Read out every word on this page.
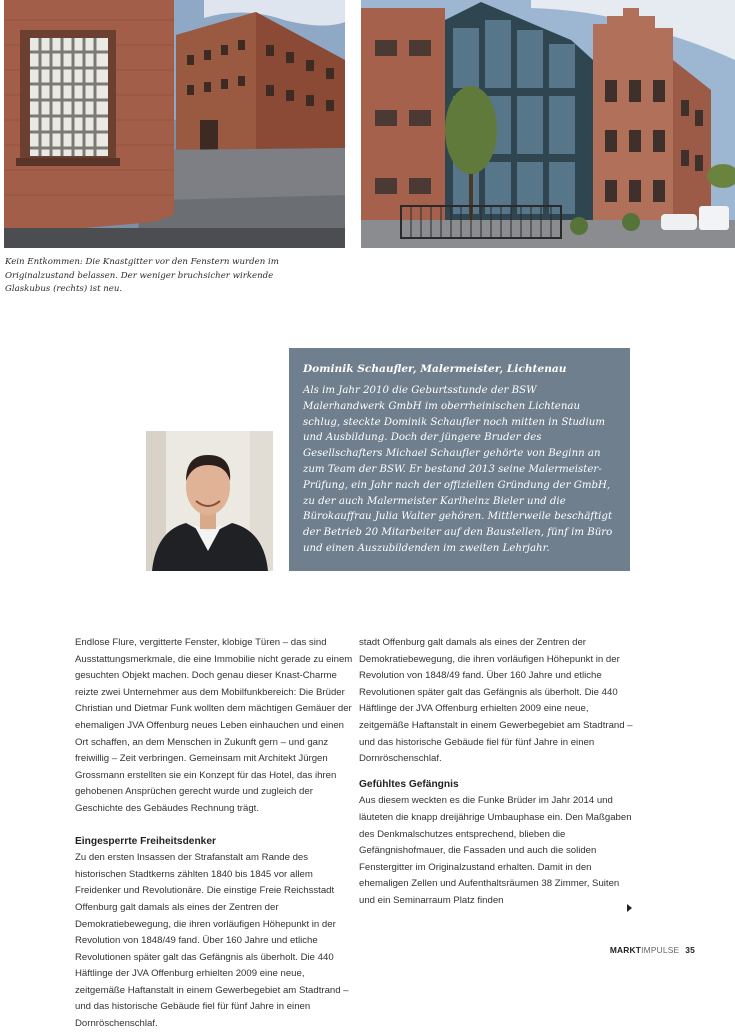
Kein Entkommen: Die Knastgitter vor den Fenstern wurden im Originalzustand belassen. Der weniger bruchsicher wirkende Glaskubus (rechts) ist neu.

Dominik Schaufler, Malermeister, Lichtenau

Als im Jahr 2010 die Geburtsstunde der BSW Malerhandwerk GmbH im oberrheinischen Lichtenau schlug, steckte Dominik Schaufler noch mitten in Studium und Ausbildung. Doch der jüngere Bruder des Gesellschafters Michael Schaufler gehörte von Beginn an zum Team der BSW. Er bestand 2013 seine Malermeister-Prüfung, ein Jahr nach der offiziellen Gründung der GmbH, zu der auch Malermeister Karlheinz Bieler und die Bürokauffrau Julia Walter gehören. Mittlerweile beschäftigt der Betrieb 20 Mitarbeiter auf den Baustellen, fünf im Büro und einen Auszubildenden im zweiten Lehrjahr.

Endlose Flure, vergitterte Fenster, klobige Türen – das sind Ausstattungsmerkmale, die eine Immobilie nicht gerade zu einem gesuchten Objekt machen. Doch genau dieser Knast-Charme reizte zwei Unternehmer aus dem Mobilfunkbereich: Die Brüder Christian und Dietmar Funk wollten dem mächtigen Gemäuer der ehemaligen JVA Offenburg neues Leben einhauchen und einen Ort schaffen, an dem Menschen in Zukunft gern – und ganz freiwillig – Zeit verbringen. Gemeinsam mit Architekt Jürgen Grossmann erstellten sie ein Konzept für das Hotel, das ihren gehobenen Ansprüchen gerecht wurde und zugleich der Geschichte des Gebäudes Rechnung trägt.

Eingesperrte Freiheitsdenker

Zu den ersten Insassen der Strafanstalt am Rande des historischen Stadtkerns zählten 1840 bis 1845 vor allem Freidenker und Revolutionäre. Die einstige Freie Reichsstadt Offenburg galt damals als eines der Zentren der Demokratiebewegung, die ihren vorläufigen Höhepunkt in der Revolution von 1848/49 fand. Über 160 Jahre und etliche Revolutionen später galt das Gefängnis als überholt. Die 440 Häftlinge der JVA Offenburg erhielten 2009 eine neue, zeitgemäße Haftanstalt in einem Gewerbegebiet am Stadtrand – und das historische Gebäude fiel für fünf Jahre in einen Dornröschenschlaf.

stadt Offenburg galt damals als eines der Zentren der Demokratiebewegung, die ihren vorläufigen Höhepunkt in der Revolution von 1848/49 fand. Über 160 Jahre und etliche Revolutionen später galt das Gefängnis als überholt. Die 440 Häftlinge der JVA Offenburg erhielten 2009 eine neue, zeitgemäße Haftanstalt in einem Gewerbegebiet am Stadtrand – und das historische Gebäude fiel für fünf Jahre in einen Dornröschenschlaf.

Gefühltes Gefängnis

Aus diesem weckten es die Funke Brüder im Jahr 2014 und läuteten die knapp dreijährige Umbauphase ein. Den Maßgaben des Denkmalschutzes entsprechend, blieben die Gefängnishofmauer, die Fassaden und auch die soliden Fenstergitter im Originalzustand erhalten. Damit in den ehemaligen Zellen und Aufenthaltsräumen 38 Zimmer, Suiten und ein Seminarraum Platz finden

MARKTIMPULSE 35
